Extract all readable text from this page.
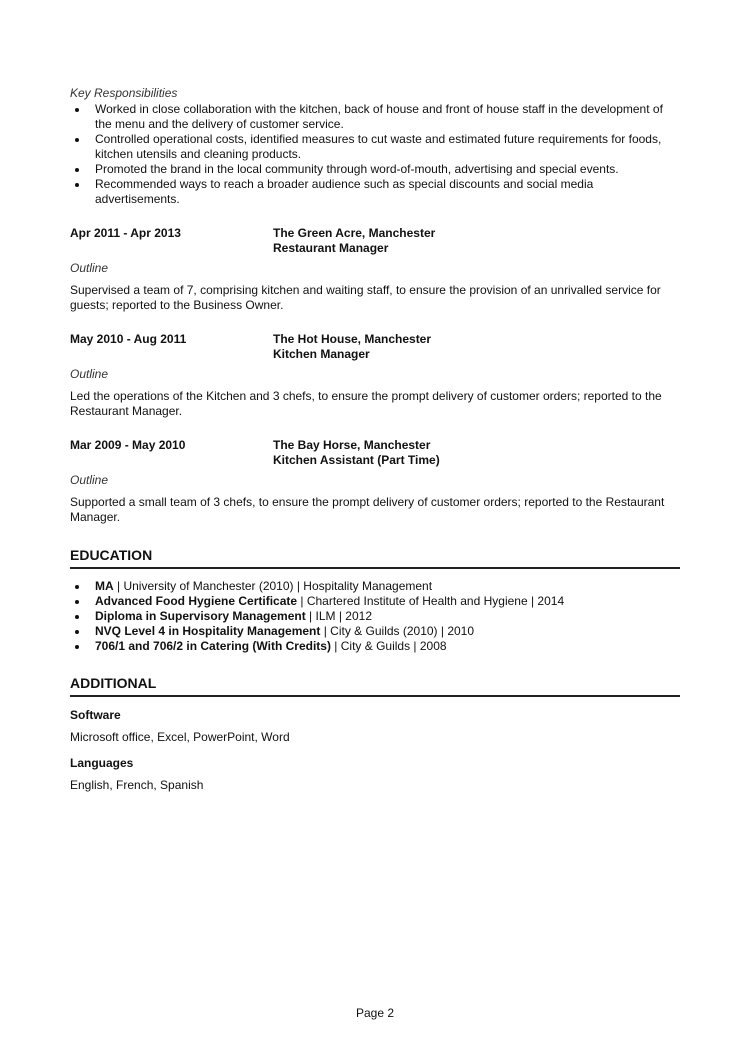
Key Responsibilities
Worked in close collaboration with the kitchen, back of house and front of house staff in the development of the menu and the delivery of customer service.
Controlled operational costs, identified measures to cut waste and estimated future requirements for foods, kitchen utensils and cleaning products.
Promoted the brand in the local community through word-of-mouth, advertising and special events.
Recommended ways to reach a broader audience such as special discounts and social media advertisements.
Apr 2011 - Apr 2013	The Green Acre, Manchester
Restaurant Manager
Outline
Supervised a team of 7, comprising kitchen and waiting staff, to ensure the provision of an unrivalled service for guests; reported to the Business Owner.
May 2010 - Aug 2011	The Hot House, Manchester
Kitchen Manager
Outline
Led the operations of the Kitchen and 3 chefs, to ensure the prompt delivery of customer orders; reported to the Restaurant Manager.
Mar 2009 - May 2010	The Bay Horse, Manchester
Kitchen Assistant (Part Time)
Outline
Supported a small team of 3 chefs, to ensure the prompt delivery of customer orders; reported to the Restaurant Manager.
EDUCATION
MA | University of Manchester (2010) | Hospitality Management
Advanced Food Hygiene Certificate | Chartered Institute of Health and Hygiene | 2014
Diploma in Supervisory Management | ILM | 2012
NVQ Level 4 in Hospitality Management | City & Guilds (2010) | 2010
706/1 and 706/2 in Catering (With Credits) | City & Guilds | 2008
ADDITIONAL
Software
Microsoft office, Excel, PowerPoint, Word
Languages
English, French, Spanish
Page 2
